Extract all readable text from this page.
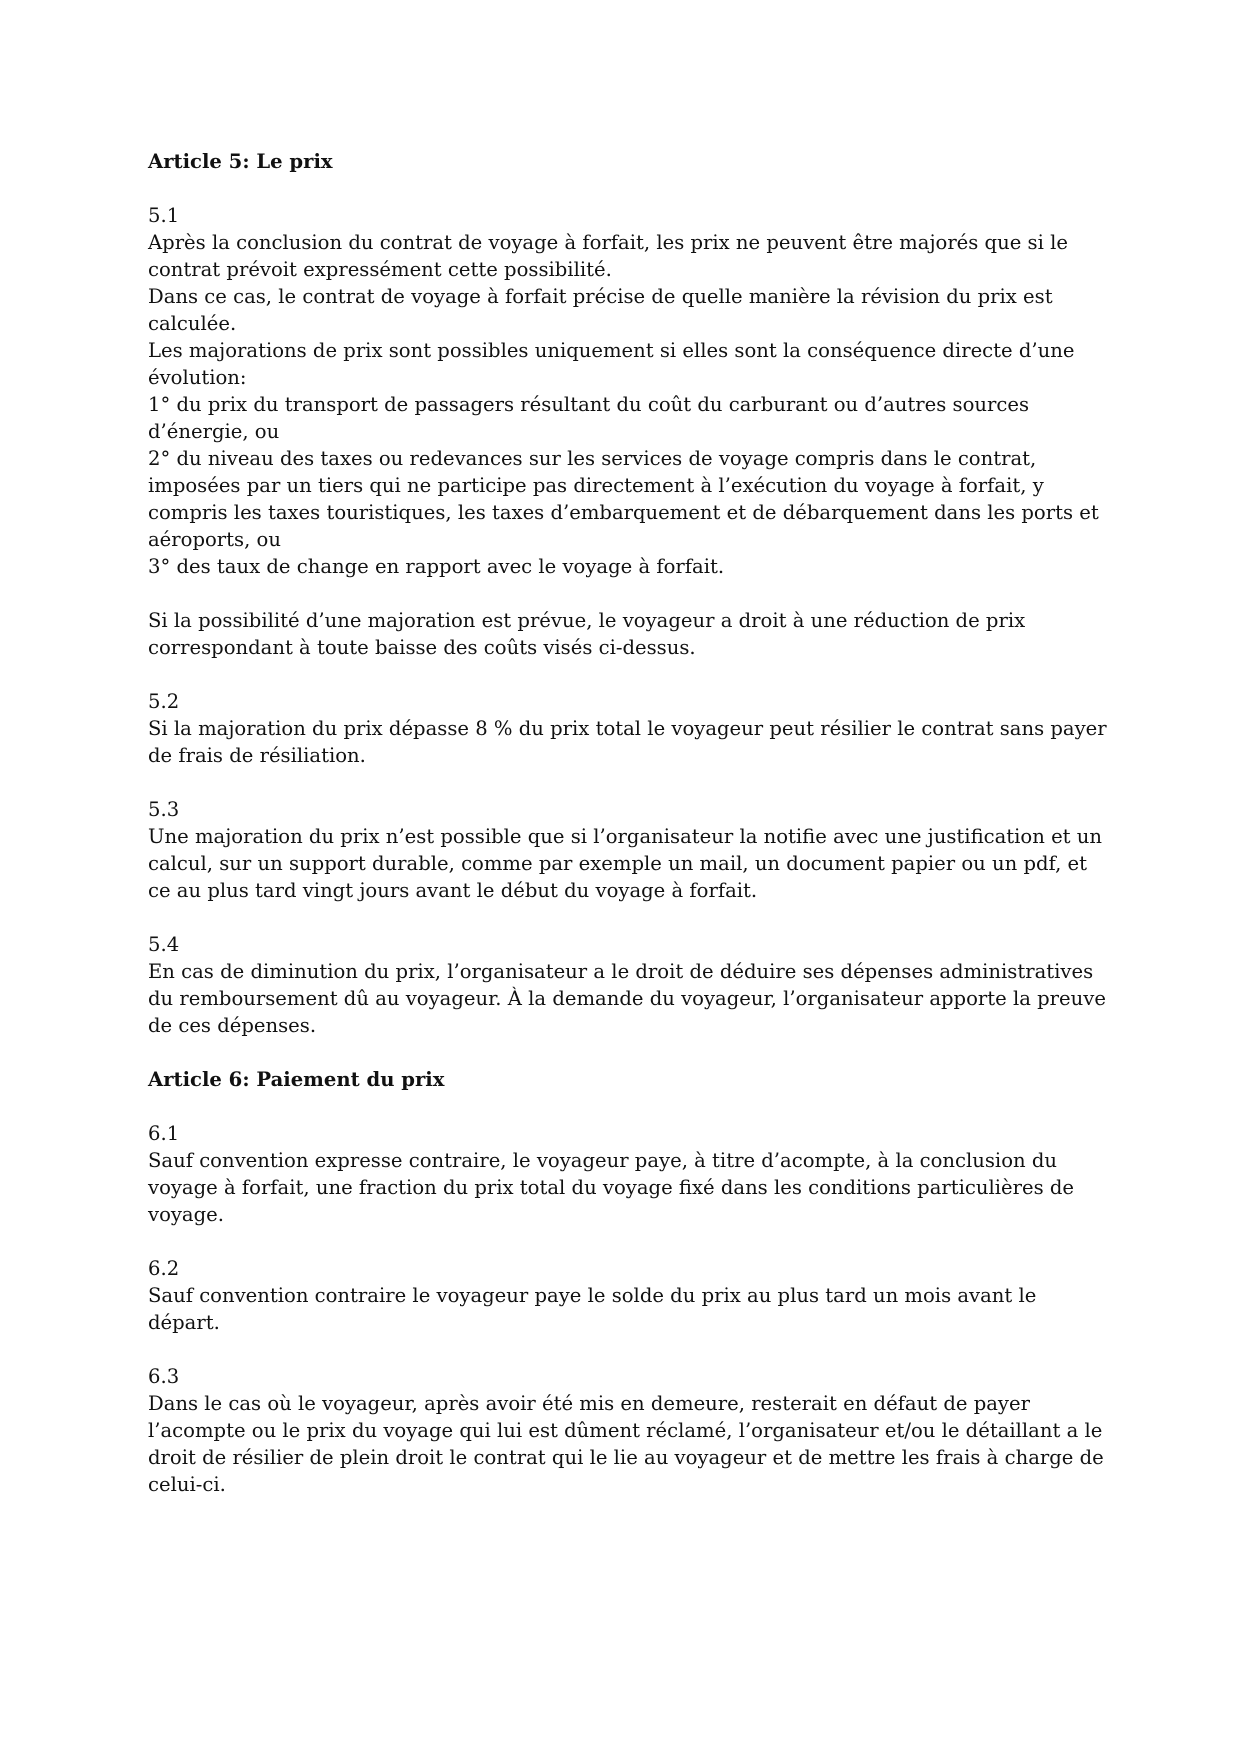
Article 5: Le prix
5.1

Après la conclusion du contrat de voyage à forfait, les prix ne peuvent être majorés que si le contrat prévoit expressément cette possibilité.

Dans ce cas, le contrat de voyage à forfait précise de quelle manière la révision du prix est calculée.

Les majorations de prix sont possibles uniquement si elles sont la conséquence directe d’une évolution:

1° du prix du transport de passagers résultant du coût du carburant ou d’autres sources d’énergie, ou

2° du niveau des taxes ou redevances sur les services de voyage compris dans le contrat, imposées par un tiers qui ne participe pas directement à l’exécution du voyage à forfait, y compris les taxes touristiques, les taxes d’embarquement et de débarquement dans les ports et aéroports, ou

3° des taux de change en rapport avec le voyage à forfait.

Si la possibilité d’une majoration est prévue, le voyageur a droit à une réduction de prix correspondant à toute baisse des coûts visés ci-dessus.

5.2

Si la majoration du prix dépasse 8 % du prix total le voyageur peut résilier le contrat sans payer de frais de résiliation.

5.3

Une majoration du prix n’est possible que si l’organisateur la notifie avec une justification et un calcul, sur un support durable, comme par exemple un mail, un document papier ou un pdf, et ce au plus tard vingt jours avant le début du voyage à forfait.

5.4

En cas de diminution du prix, l’organisateur a le droit de déduire ses dépenses administratives du remboursement dû au voyageur. À la demande du voyageur, l’organisateur apporte la preuve de ces dépenses.

Article 6: Paiement du prix
6.1

Sauf convention expresse contraire, le voyageur paye, à titre d’acompte, à la conclusion du voyage à forfait, une fraction du prix total du voyage fixé dans les conditions particulières de voyage.

6.2

Sauf convention contraire le voyageur paye le solde du prix au plus tard un mois avant le départ.

6.3

Dans le cas où le voyageur, après avoir été mis en demeure, resterait en défaut de payer l’acompte ou le prix du voyage qui lui est dûment réclamé, l’organisateur et/ou le détaillant a le droit de résilier de plein droit le contrat qui le lie au voyageur et de mettre les frais à charge de celui-ci.
